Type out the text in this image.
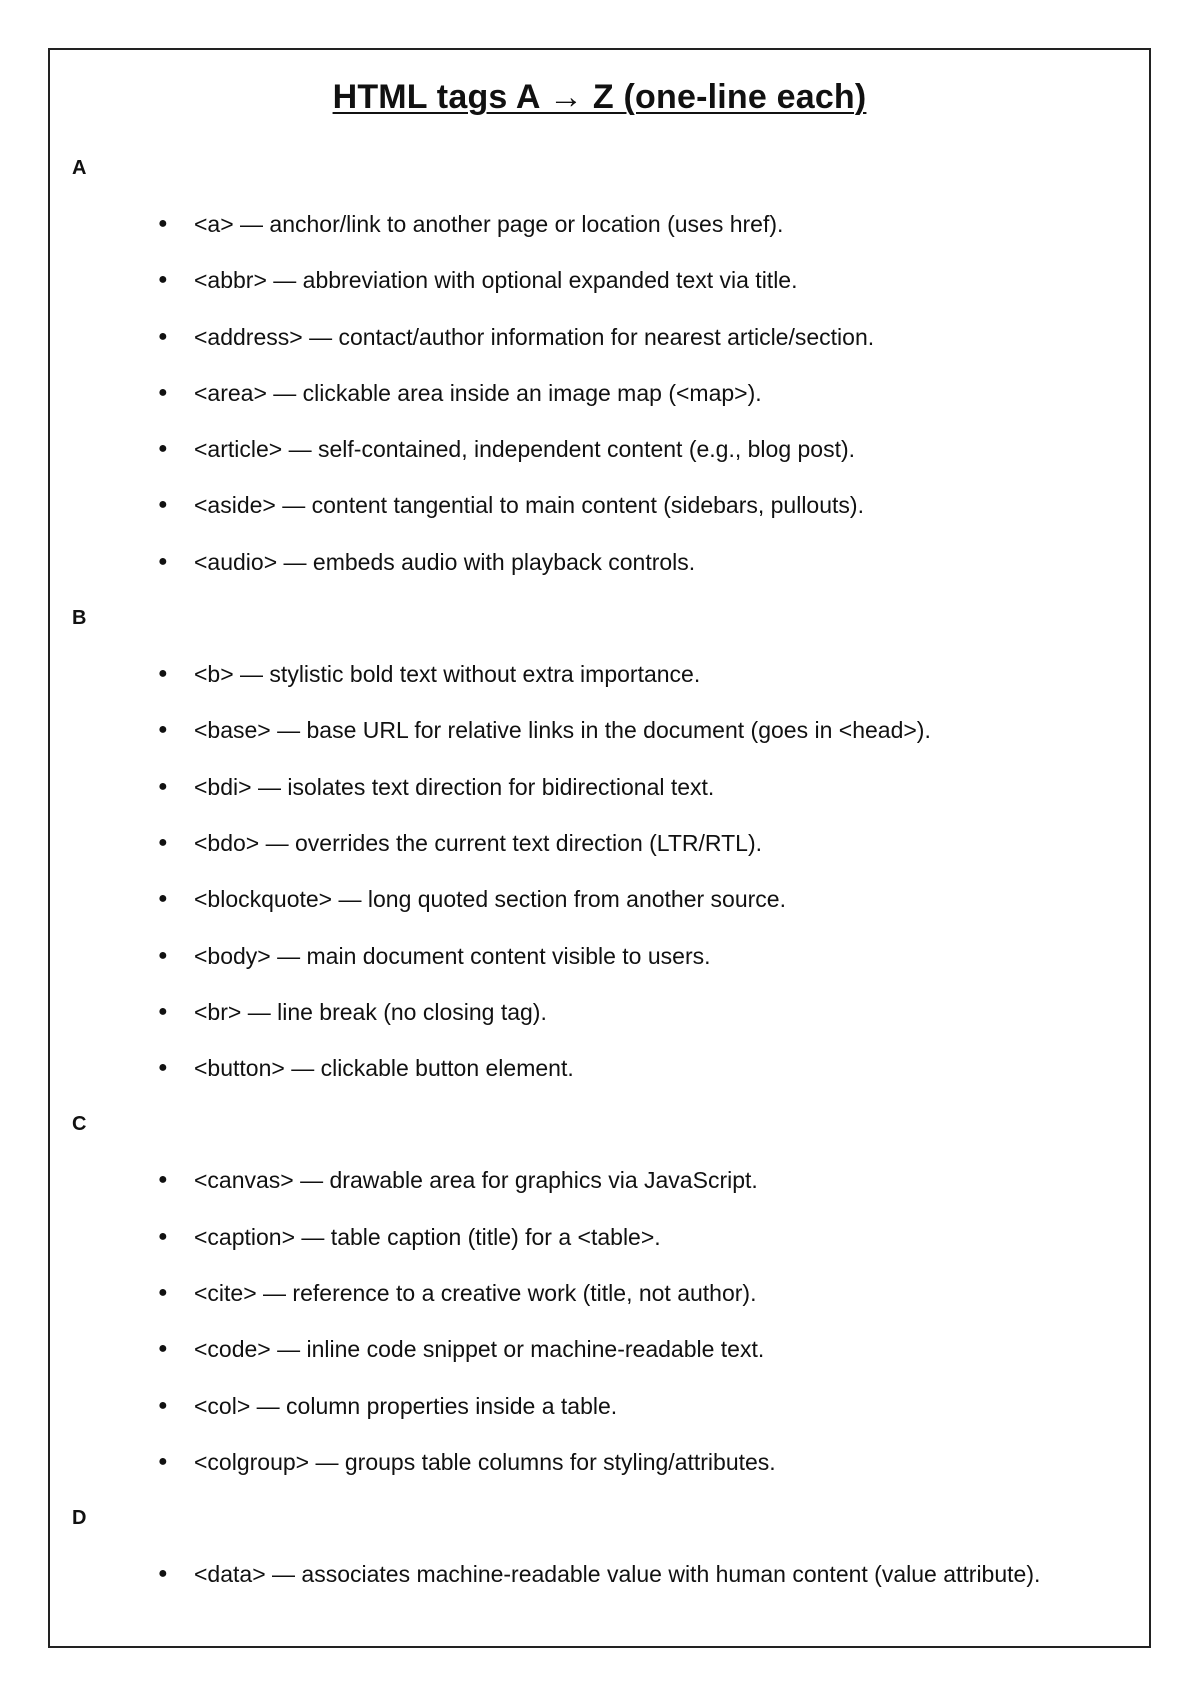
HTML tags A → Z (one-line each)
A
● <a> — anchor/link to another page or location (uses href).
● <abbr> — abbreviation with optional expanded text via title.
● <address> — contact/author information for nearest article/section.
● <area> — clickable area inside an image map (<map>).
● <article> — self-contained, independent content (e.g., blog post).
● <aside> — content tangential to main content (sidebars, pullouts).
● <audio> — embeds audio with playback controls.
B
● <b> — stylistic bold text without extra importance.
● <base> — base URL for relative links in the document (goes in <head>).
● <bdi> — isolates text direction for bidirectional text.
● <bdo> — overrides the current text direction (LTR/RTL).
● <blockquote> — long quoted section from another source.
● <body> — main document content visible to users.
● <br> — line break (no closing tag).
● <button> — clickable button element.
C
● <canvas> — drawable area for graphics via JavaScript.
● <caption> — table caption (title) for a <table>.
● <cite> — reference to a creative work (title, not author).
● <code> — inline code snippet or machine-readable text.
● <col> — column properties inside a table.
● <colgroup> — groups table columns for styling/attributes.
D
● <data> — associates machine-readable value with human content (value attribute).
